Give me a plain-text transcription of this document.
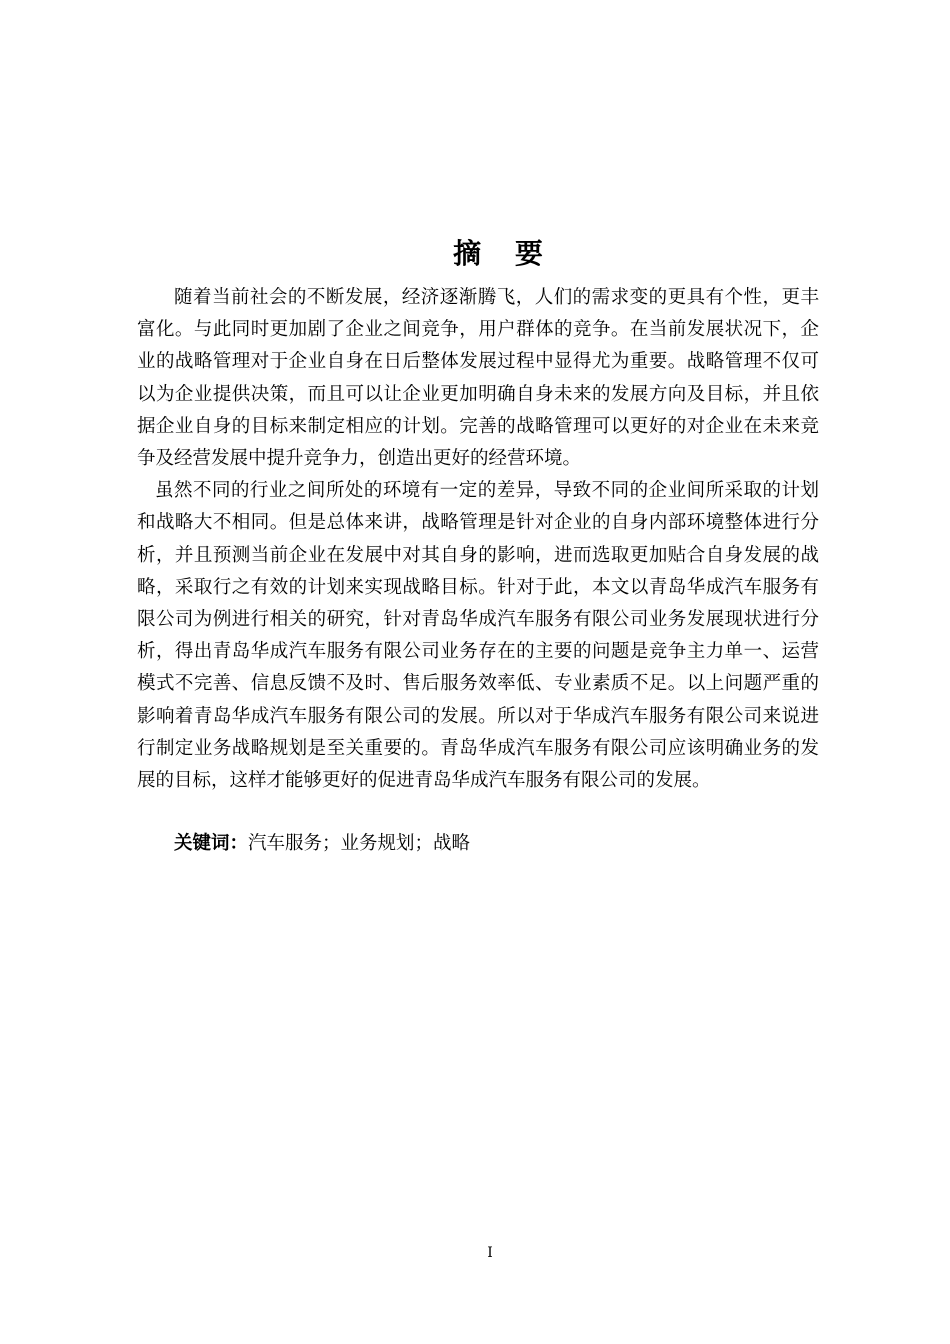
摘 要

随着当前社会的不断发展，经济逐渐腾飞，人们的需求变的更具有个性，更丰富化。与此同时更加剧了企业之间竞争，用户群体的竞争。在当前发展状况下，企业的战略管理对于企业自身在日后整体发展过程中显得尤为重要。战略管理不仅可以为企业提供决策，而且可以让企业更加明确自身未来的发展方向及目标，并且依据企业自身的目标来制定相应的计划。完善的战略管理可以更好的对企业在未来竞争及经营发展中提升竞争力，创造出更好的经营环境。

虽然不同的行业之间所处的环境有一定的差异，导致不同的企业间所采取的计划和战略大不相同。但是总体来讲，战略管理是针对企业的自身内部环境整体进行分析，并且预测当前企业在发展中对其自身的影响，进而选取更加贴合自身发展的战略，采取行之有效的计划来实现战略目标。针对于此，本文以青岛华成汽车服务有限公司为例进行相关的研究，针对青岛华成汽车服务有限公司业务发展现状进行分析，得出青岛华成汽车服务有限公司业务存在的主要的问题是竞争主力单一、运营模式不完善、信息反馈不及时、售后服务效率低、专业素质不足。以上问题严重的影响着青岛华成汽车服务有限公司的发展。所以对于华成汽车服务有限公司来说进行制定业务战略规划是至关重要的。青岛华成汽车服务有限公司应该明确业务的发展的目标，这样才能够更好的促进青岛华成汽车服务有限公司的发展。

关键词：汽车服务；业务规划；战略
I
